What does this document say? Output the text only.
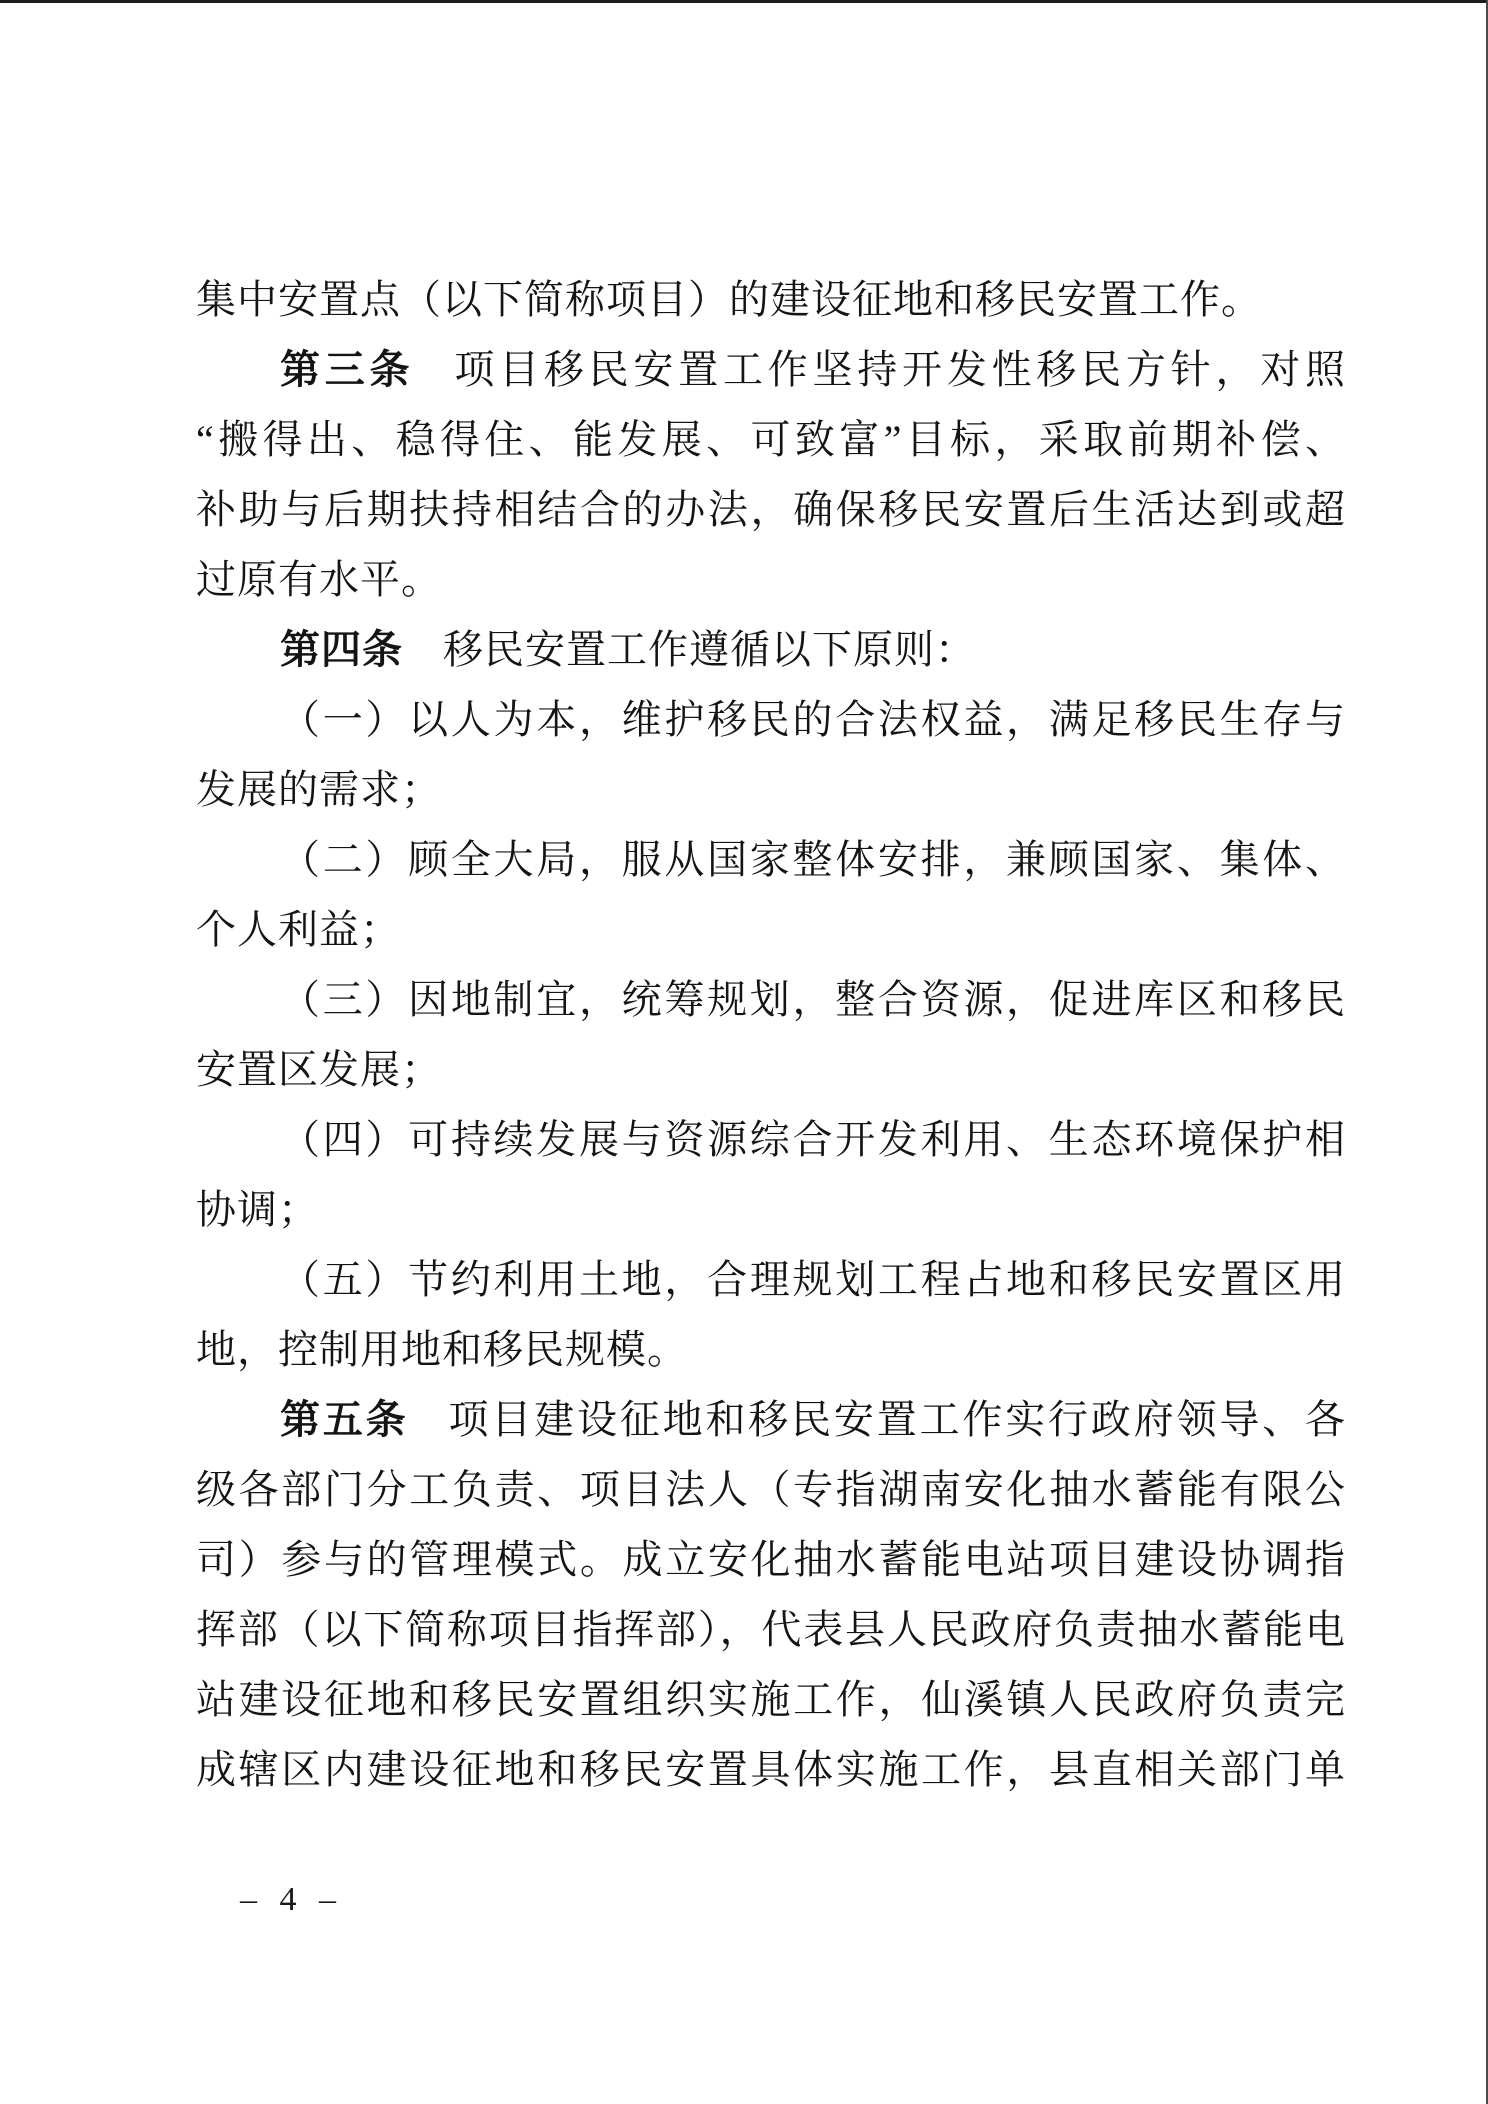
集中安置点（以下简称项目）的建设征地和移民安置工作。
第三条 项目移民安置工作坚持开发性移民方针，对照
“搬得出、稳得住、能发展、可致富”目标，采取前期补偿、
补助与后期扶持相结合的办法，确保移民安置后生活达到或超
过原有水平。
第四条 移民安置工作遵循以下原则：
（一）以人为本，维护移民的合法权益，满足移民生存与
发展的需求；
（二）顾全大局，服从国家整体安排，兼顾国家、集体、
个人利益；
（三）因地制宜，统筹规划，整合资源，促进库区和移民
安置区发展；
（四）可持续发展与资源综合开发利用、生态环境保护相
协调；
（五）节约利用土地，合理规划工程占地和移民安置区用
地，控制用地和移民规模。
第五条 项目建设征地和移民安置工作实行政府领导、各
级各部门分工负责、项目法人（专指湖南安化抽水蓄能有限公
司）参与的管理模式。成立安化抽水蓄能电站项目建设协调指
挥部（以下简称项目指挥部），代表县人民政府负责抽水蓄能电
站建设征地和移民安置组织实施工作，仙溪镇人民政府负责完
成辖区内建设征地和移民安置具体实施工作，县直相关部门单
– 4 –
